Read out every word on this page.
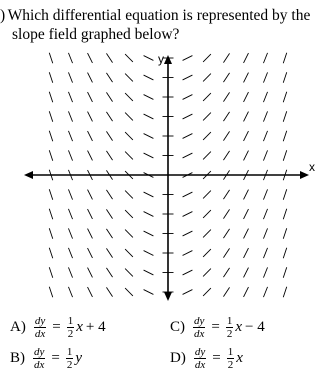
) Which differential equation is represented by the
slope field graphed below?
x
y
$A) \frac{dy}{dx} = \frac{1}{2}$ x + 4
$B) \frac{dy}{dx} = \frac{1}{2}$ y
$C) \frac{dy}{dx} = \frac{1}{2}$ x − 4
$D) \frac{dy}{dx} = \frac{1}{2}$ x
